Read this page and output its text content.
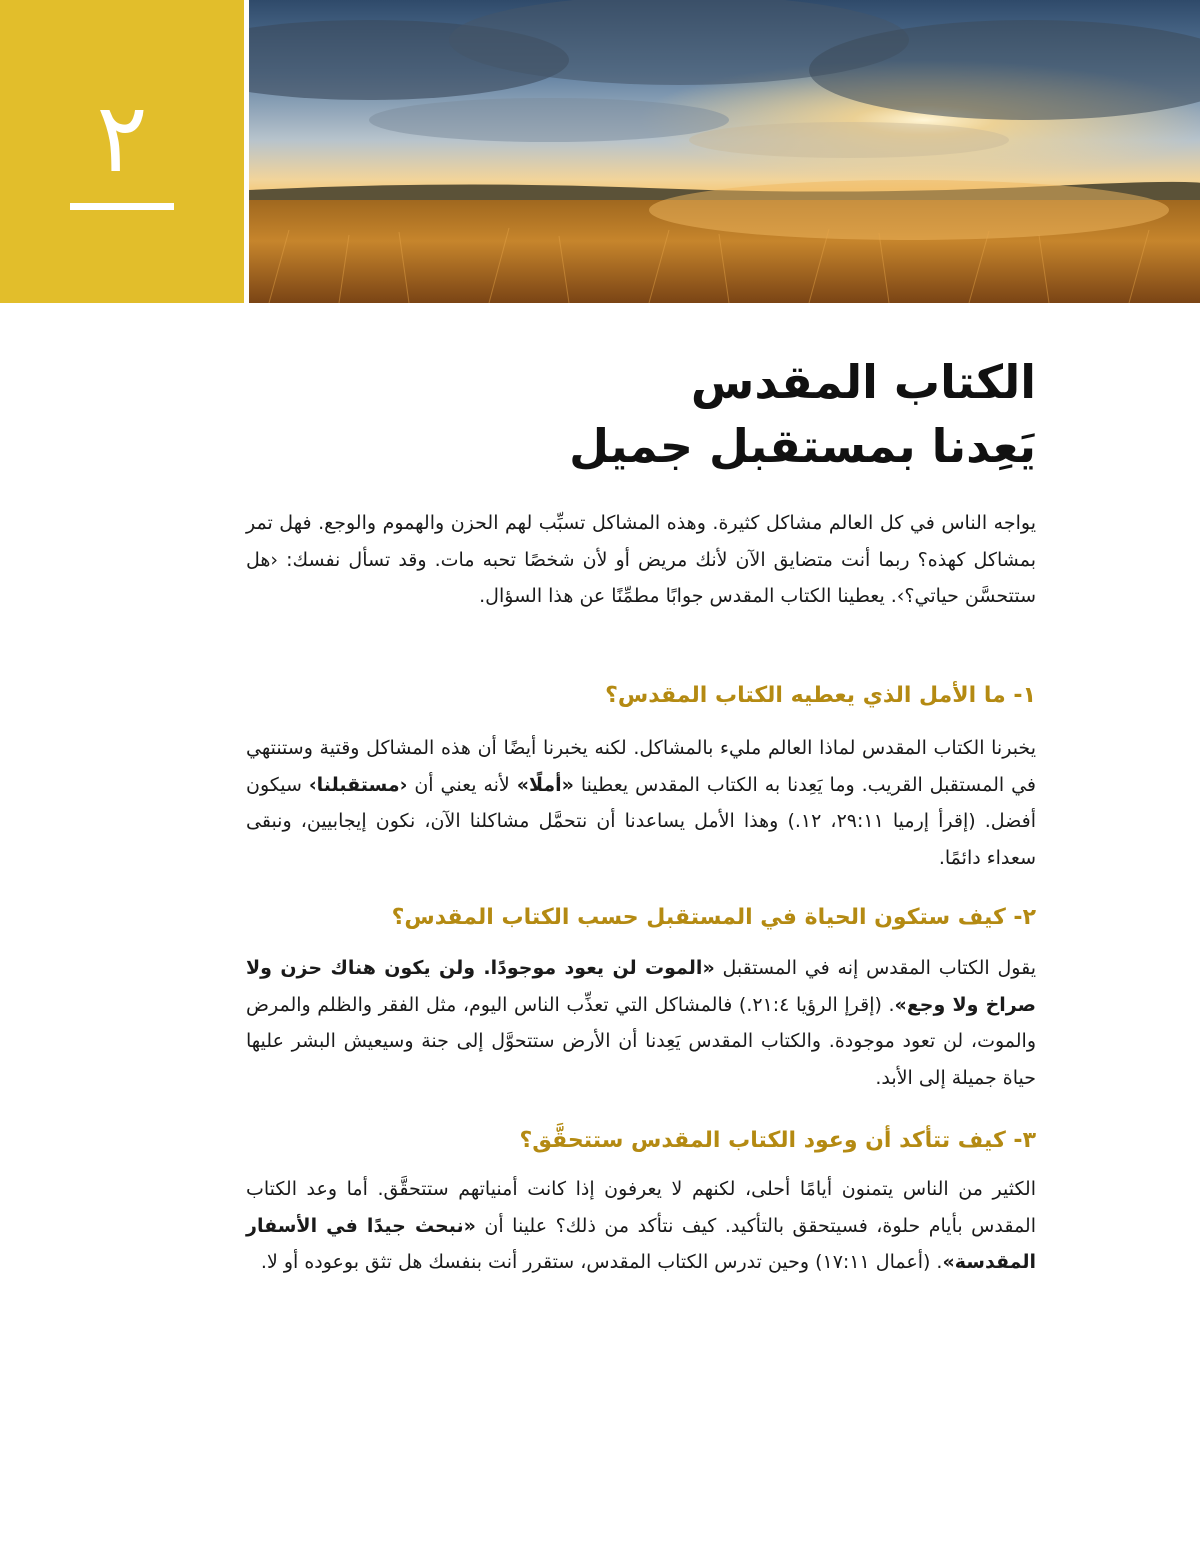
٢
الكتاب المقدس
يَعِدنا بمستقبل جميل

يواجه الناس في كل العالم مشاكل كثيرة. وهذه المشاكل تسبِّب لهم الحزن والهموم والوجع. فهل تمر بمشاكل كهذه؟ ربما أنت متضايق الآن لأنك مريض أو لأن شخصًا تحبه مات. وقد تسأل نفسك: ‹هل ستتحسَّن حياتي؟›. يعطينا الكتاب المقدس جوابًا مطمِّنًا عن هذا السؤال.

١- ما الأمل الذي يعطيه الكتاب المقدس؟

يخبرنا الكتاب المقدس لماذا العالم مليء بالمشاكل. لكنه يخبرنا أيضًا أن هذه المشاكل وقتية وستنتهي في المستقبل القريب. وما يَعِدنا به الكتاب المقدس يعطينا «أملًا» لأنه يعني أن ‹مستقبلنا› سيكون أفضل. (إقرأ إرميا ٢٩:١١، ١٢.) وهذا الأمل يساعدنا أن نتحمَّل مشاكلنا الآن، نكون إيجابيين، ونبقى سعداء دائمًا.

٢- كيف ستكون الحياة في المستقبل حسب الكتاب المقدس؟

يقول الكتاب المقدس إنه في المستقبل «الموت لن يعود موجودًا. ولن يكون هناك حزن ولا صراخ ولا وجع». (إقرإ الرؤيا ٢١:٤.) فالمشاكل التي تعذِّب الناس اليوم، مثل الفقر والظلم والمرض والموت، لن تعود موجودة. والكتاب المقدس يَعِدنا أن الأرض ستتحوَّل إلى جنة وسيعيش البشر عليها حياة جميلة إلى الأبد.

٣- كيف تتأكد أن وعود الكتاب المقدس ستتحقَّق؟

الكثير من الناس يتمنون أيامًا أحلى، لكنهم لا يعرفون إذا كانت أمنياتهم ستتحقَّق. أما وعد الكتاب المقدس بأيام حلوة، فسيتحقق بالتأكيد. كيف نتأكد من ذلك؟ علينا أن «نبحث جيدًا في الأسفار المقدسة». (أعمال ١٧:١١) وحين تدرس الكتاب المقدس، ستقرر أنت بنفسك هل تثق بوعوده أو لا.
